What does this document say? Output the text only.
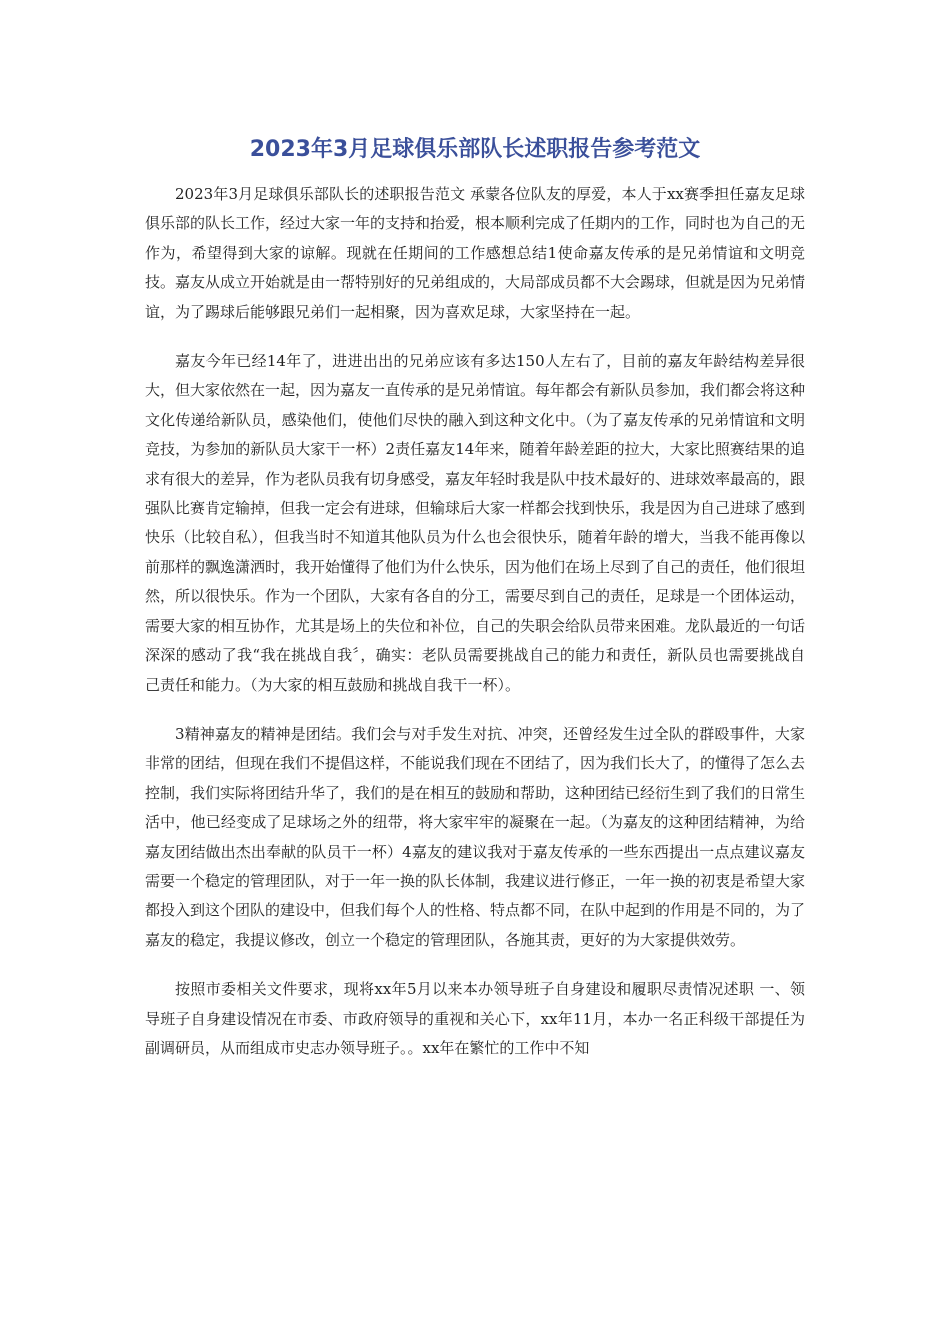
2023年3月足球俱乐部队长述职报告参考范文

2023年3月足球俱乐部队长的述职报告范文 承蒙各位队友的厚爱，本人于xx赛季担任嘉友足球俱乐部的队长工作，经过大家一年的支持和抬爱，根本顺利完成了任期内的工作，同时也为自己的无作为，希望得到大家的谅解。现就在任期间的工作感想总结1使命嘉友传承的是兄弟情谊和文明竞技。嘉友从成立开始就是由一帮特别好的兄弟组成的，大局部成员都不大会踢球，但就是因为兄弟情谊，为了踢球后能够跟兄弟们一起相聚，因为喜欢足球，大家坚持在一起。

嘉友今年已经14年了，进进出出的兄弟应该有多达150人左右了，目前的嘉友年龄结构差异很大，但大家依然在一起，因为嘉友一直传承的是兄弟情谊。每年都会有新队员参加，我们都会将这种文化传递给新队员，感染他们，使他们尽快的融入到这种文化中。（为了嘉友传承的兄弟情谊和文明竞技，为参加的新队员大家干一杯）2责任嘉友14年来，随着年龄差距的拉大，大家比照赛结果的追求有很大的差异，作为老队员我有切身感受，嘉友年轻时我是队中技术最好的、进球效率最高的，跟强队比赛肯定输掉，但我一定会有进球，但输球后大家一样都会找到快乐，我是因为自己进球了感到快乐（比较自私），但我当时不知道其他队员为什么也会很快乐，随着年龄的增大，当我不能再像以前那样的飘逸潇洒时，我开始懂得了他们为什么快乐，因为他们在场上尽到了自己的责任，他们很坦然，所以很快乐。作为一个团队，大家有各自的分工，需要尽到自己的责任，足球是一个团体运动，需要大家的相互协作，尤其是场上的失位和补位，自己的失职会给队员带来困难。龙队最近的一句话深深的感动了我“我在挑战自我〞，确实：老队员需要挑战自己的能力和责任，新队员也需要挑战自己责任和能力。（为大家的相互鼓励和挑战自我干一杯）。

3精神嘉友的精神是团结。我们会与对手发生对抗、冲突，还曾经发生过全队的群殴事件，大家非常的团结，但现在我们不提倡这样，不能说我们现在不团结了，因为我们长大了，的懂得了怎么去控制，我们实际将团结升华了，我们的是在相互的鼓励和帮助，这种团结已经衍生到了我们的日常生活中，他已经变成了足球场之外的纽带，将大家牢牢的凝聚在一起。（为嘉友的这种团结精神，为给嘉友团结做出杰出奉献的队员干一杯）4嘉友的建议我对于嘉友传承的一些东西提出一点点建议嘉友需要一个稳定的管理团队，对于一年一换的队长体制，我建议进行修正，一年一换的初衷是希望大家都投入到这个团队的建设中，但我们每个人的性格、特点都不同，在队中起到的作用是不同的，为了嘉友的稳定，我提议修改，创立一个稳定的管理团队，各施其责，更好的为大家提供效劳。

按照市委相关文件要求，现将xx年5月以来本办领导班子自身建设和履职尽责情况述职 一、领导班子自身建设情况在市委、市政府领导的重视和关心下，xx年11月，本办一名正科级干部提任为副调研员，从而组成市史志办领导班子。。xx年在繁忙的工作中不知
